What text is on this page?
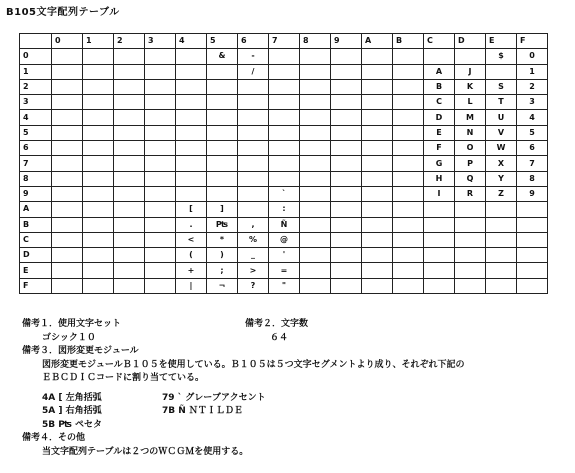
B105文字配列テーブル
	0	1	2	3	4	5	6	7	8	9	A	B	C	D	E	F
0						&	-								$	0
1							/						A	J		1
2													B	K	S	2
3													C	L	T	3
4													D	M	U	4
5													E	N	V	5
6													F	O	W	6
7													G	P	X	7
8													H	Q	Y	8
9								`					I	R	Z	9
A					[	]		:								
B					.	₧	,	Ñ								
C					<	*	%	@								
D					(	)	_	'								
E					+	;	>	=								
F					|	¬	?	"								
備考１．使用文字セット	備考２．文字数
ゴシック１０	６４
備考３．図形変更モジュール
図形変更モジュールＢ１０５を使用している。Ｂ１０５は５つ文字セグメントより成り、それぞれ下記の
ＥＢＣＤＩＣコードに割り当てている。
4A [ 左角括弧	79 ` グレーブアクセント
5A ] 右角括弧	7B Ñ ＮＴＩＬＤＥ
5B ₧ ペセタ
備考４．その他
当文字配列テーブルは２つのＷＣＧＭを使用する。
